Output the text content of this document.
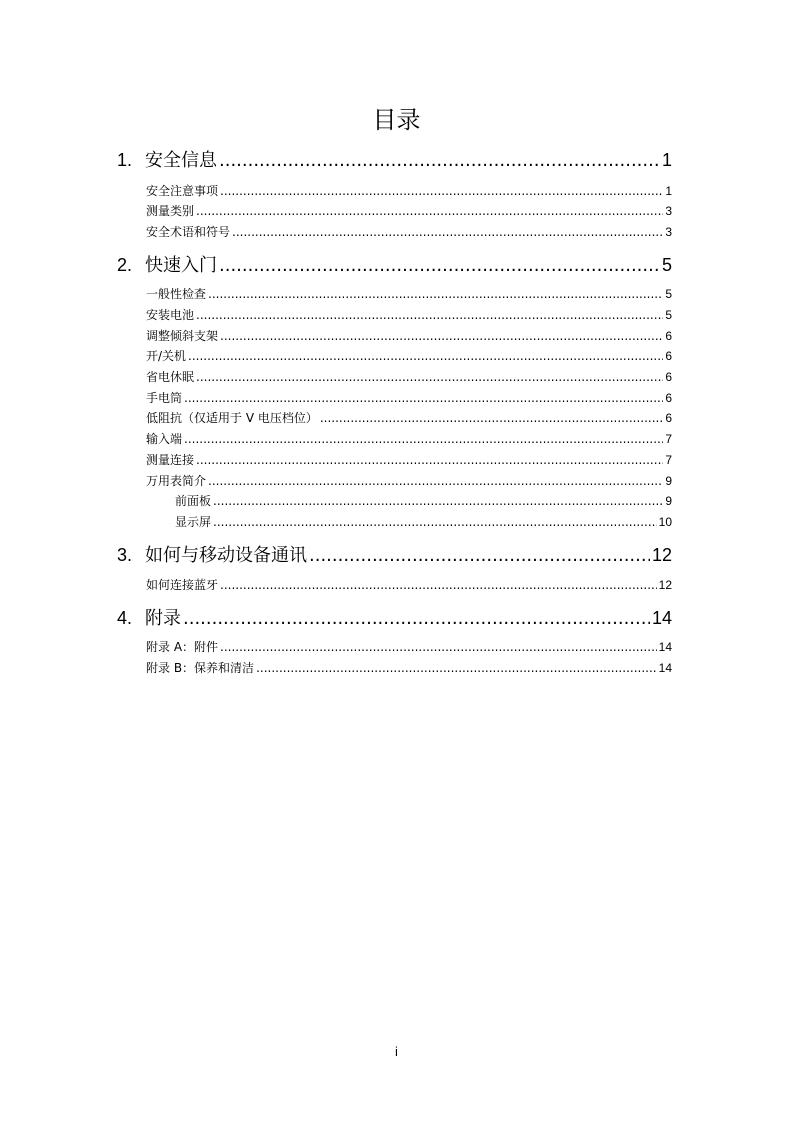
目录
1. 安全信息 .....	1
安全注意事项 .....	1
测量类别 .....	3
安全术语和符号 .....	3
2. 快速入门 .....	5
一般性检查 .....	5
安装电池 .....	5
调整倾斜支架 .....	6
开/关机 .....	6
省电休眠 .....	6
手电筒 .....	6
低阻抗（仅适用于 V 电压档位） .....	6
输入端 .....	7
测量连接 .....	7
万用表简介 .....	9
前面板 .....	9
显示屏 .....	10
3. 如何与移动设备通讯 .....	12
如何连接蓝牙 .....	12
4. 附录 .....	14
附录 A：附件 .....	14
附录 B：保养和清洁 .....	14
i
